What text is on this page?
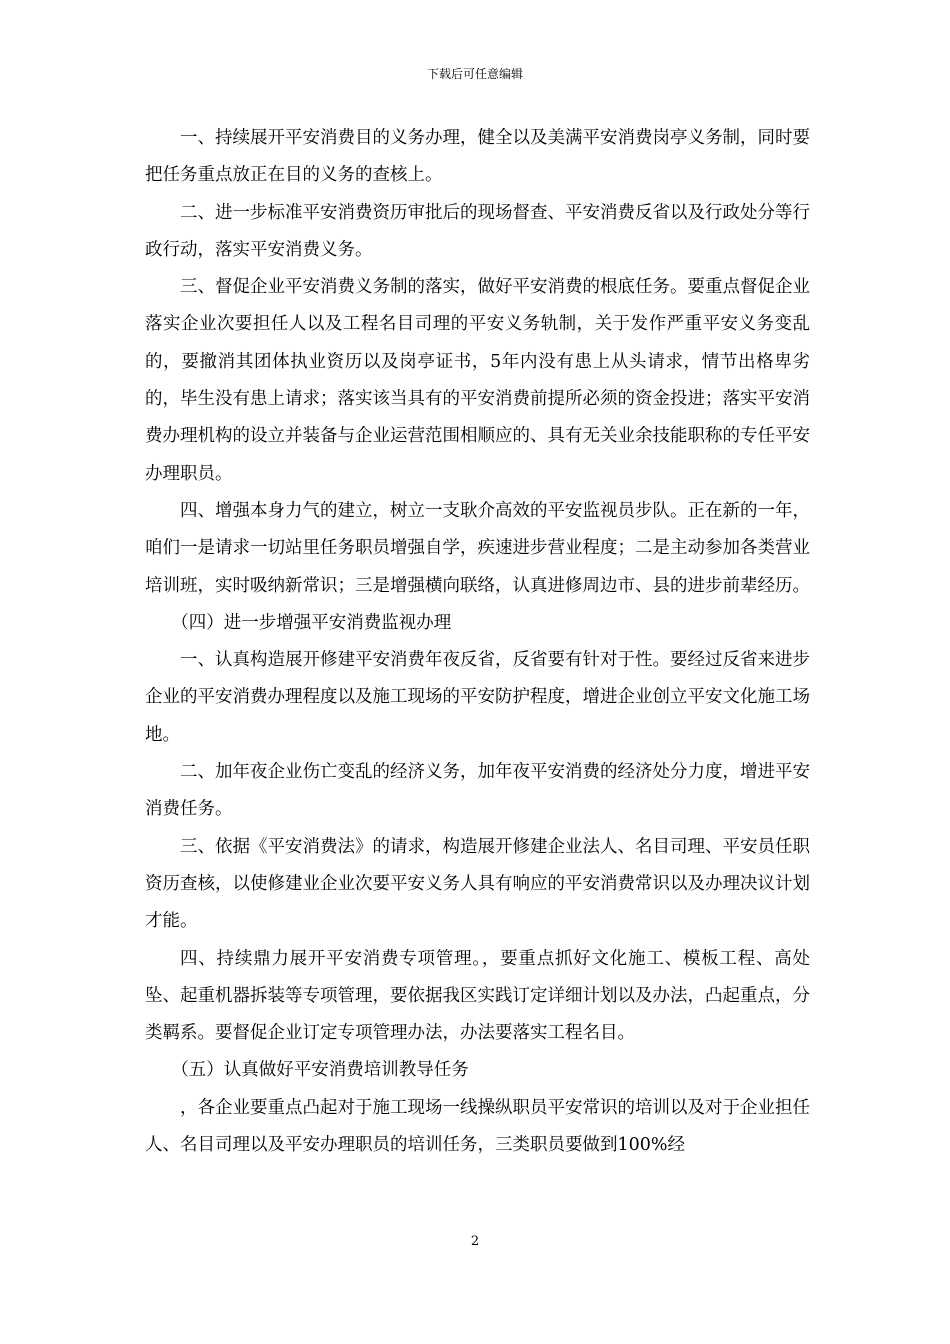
下载后可任意编辑

一、持续展开平安消费目的义务办理，健全以及美满平安消费岗亭义务制，同时要把任务重点放正在目的义务的查核上。

二、进一步标准平安消费资历审批后的现场督查、平安消费反省以及行政处分等行政行动，落实平安消费义务。

三、督促企业平安消费义务制的落实，做好平安消费的根底任务。要重点督促企业落实企业次要担任人以及工程名目司理的平安义务轨制，关于发作严重平安义务变乱的，要撤消其团体执业资历以及岗亭证书，5年内没有患上从头请求，情节出格卑劣的，毕生没有患上请求；落实该当具有的平安消费前提所必须的资金投进；落实平安消费办理机构的设立并装备与企业运营范围相顺应的、具有无关业余技能职称的专任平安办理职员。

四、增强本身力气的建立，树立一支耿介高效的平安监视员步队。正在新的一年，咱们一是请求一切站里任务职员增强自学，疾速进步营业程度；二是主动参加各类营业培训班，实时吸纳新常识；三是增强横向联络，认真进修周边市、县的进步前辈经历。

（四）进一步增强平安消费监视办理

一、认真构造展开修建平安消费年夜反省，反省要有针对于性。要经过反省来进步企业的平安消费办理程度以及施工现场的平安防护程度，增进企业创立平安文化施工场地。

二、加年夜企业伤亡变乱的经济义务，加年夜平安消费的经济处分力度，增进平安消费任务。

三、依据《平安消费法》的请求，构造展开修建企业法人、名目司理、平安员任职资历查核，以使修建业企业次要平安义务人具有响应的平安消费常识以及办理决议计划才能。

四、持续鼎力展开平安消费专项管理。，要重点抓好文化施工、模板工程、高处坠、起重机器拆装等专项管理，要依据我区实践订定详细计划以及办法，凸起重点，分类羁系。要督促企业订定专项管理办法，办法要落实工程名目。

（五）认真做好平安消费培训教导任务

，各企业要重点凸起对于施工现场一线操纵职员平安常识的培训以及对于企业担任人、名目司理以及平安办理职员的培训任务，三类职员要做到100%经

2
